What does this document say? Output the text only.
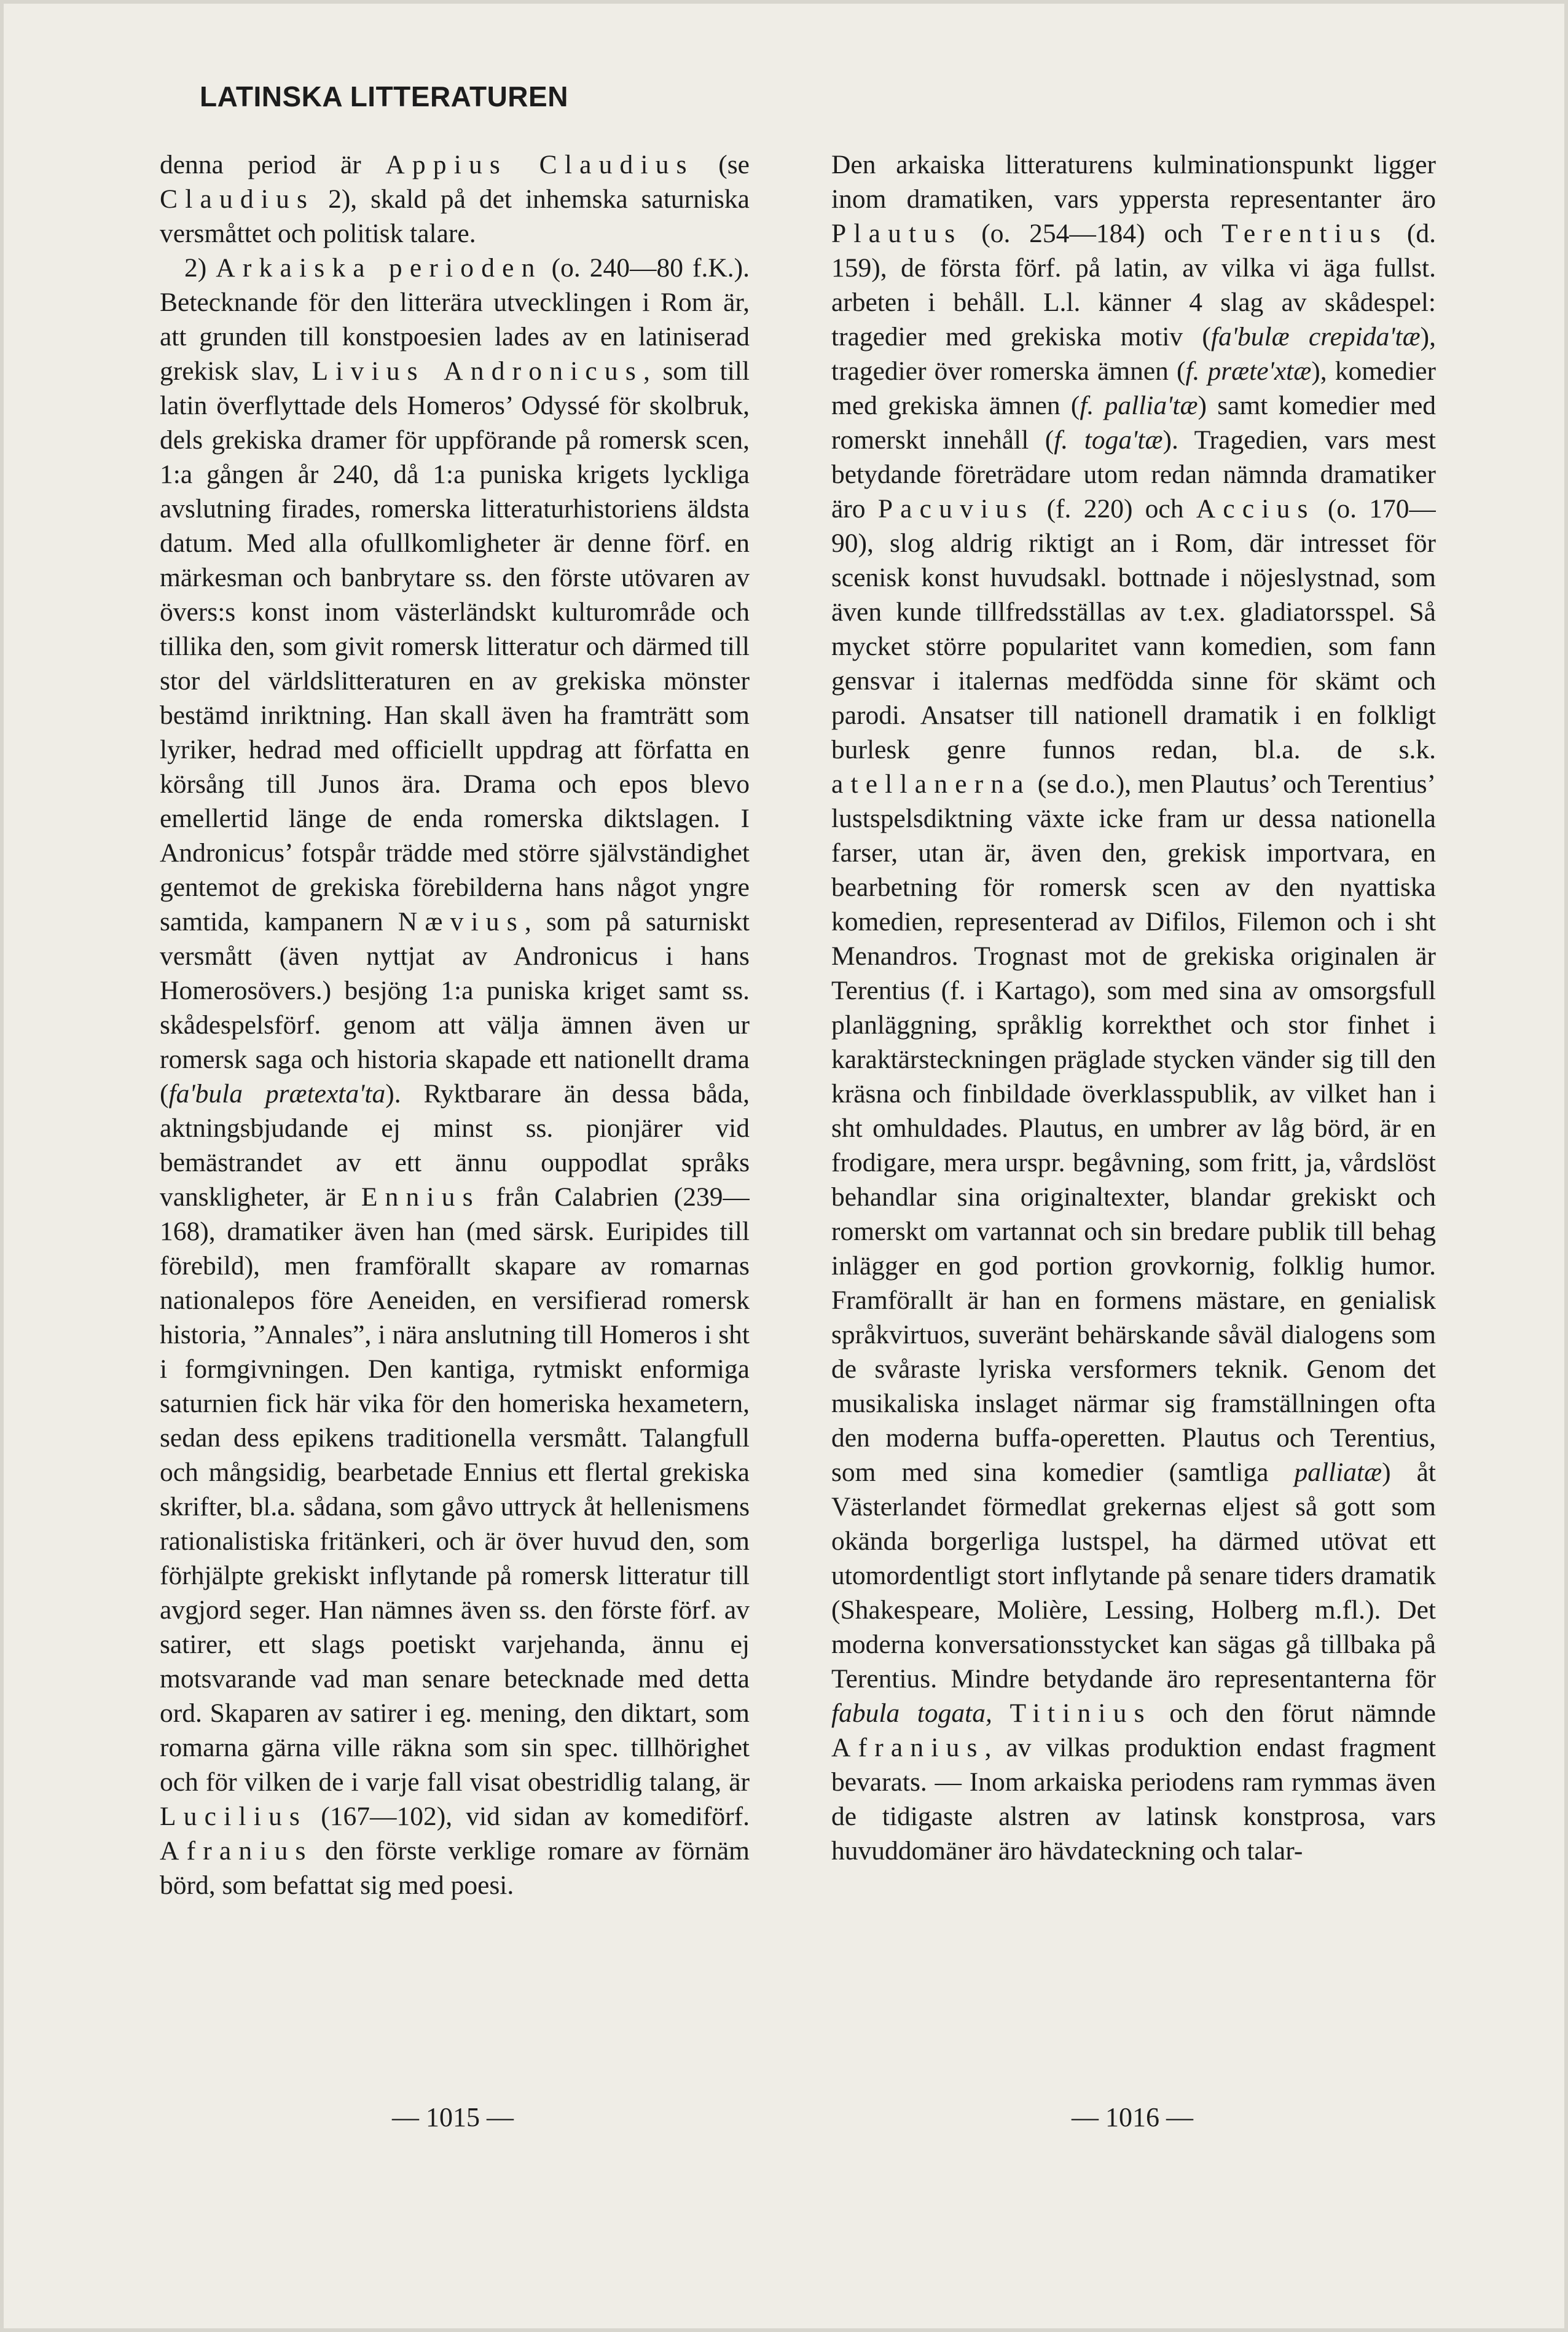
LATINSKA LITTERATUREN

denna period är Appius Claudius (se Claudius 2), skald på det inhemska saturniska versmåttet och politisk talare.

2) Arkaiska perioden (o. 240—80 f.K.). Betecknande för den litterära utvecklingen i Rom är, att grunden till konstpoesien lades av en latiniserad grekisk slav, Livius Andronicus, som till latin överflyttade dels Homeros’ Odyssé för skolbruk, dels grekiska dramer för uppförande på romersk scen, 1:a gången år 240, då 1:a puniska krigets lyckliga avslutning firades, romerska litteraturhistoriens äldsta datum. Med alla ofullkomligheter är denne förf. en märkesman och banbrytare ss. den förste utövaren av övers:s konst inom västerländskt kulturområde och tillika den, som givit romersk litteratur och därmed till stor del världslitteraturen en av grekiska mönster bestämd inriktning. Han skall även ha framträtt som lyriker, hedrad med officiellt uppdrag att författa en körsång till Junos ära. Drama och epos blevo emellertid länge de enda romerska diktslagen. I Andronicus’ fotspår trädde med större självständighet gentemot de grekiska förebilderna hans något yngre samtida, kampanern Nævius, som på saturniskt versmått (även nyttjat av Andronicus i hans Homerosövers.) besjöng 1:a puniska kriget samt ss. skådespelsförf. genom att välja ämnen även ur romersk saga och historia skapade ett nationellt drama (fa'bula prætexta'ta). Ryktbarare än dessa båda, aktningsbjudande ej minst ss. pionjärer vid bemästrandet av ett ännu ouppodlat språks vanskligheter, är Ennius från Calabrien (239—168), dramatiker även han (med särsk. Euripides till förebild), men framförallt skapare av romarnas nationalepos före Aeneiden, en versifierad romersk historia, ”Annales”, i nära anslutning till Homeros i sht i formgivningen. Den kantiga, rytmiskt enformiga saturnien fick här vika för den homeriska hexametern, sedan dess epikens traditionella versmått. Talangfull och mångsidig, bearbetade Ennius ett flertal grekiska skrifter, bl.a. sådana, som gåvo uttryck åt hellenismens rationalistiska fritänkeri, och är över huvud den, som förhjälpte grekiskt inflytande på romersk litteratur till avgjord seger. Han nämnes även ss. den förste förf. av satirer, ett slags poetiskt varjehanda, ännu ej motsvarande vad man senare betecknade med detta ord. Skaparen av satirer i eg. mening, den diktart, som romarna gärna ville räkna som sin spec. tillhörighet och för vilken de i varje fall visat obestridlig talang, är Lucilius (167—102), vid sidan av komediförf. Afranius den förste verklige romare av förnäm börd, som befattat sig med poesi.

Den arkaiska litteraturens kulminationspunkt ligger inom dramatiken, vars yppersta representanter äro Plautus (o. 254—184) och Terentius (d. 159), de första förf. på latin, av vilka vi äga fullst. arbeten i behåll. L.l. känner 4 slag av skådespel: tragedier med grekiska motiv (fa'bulæ crepida'tæ), tragedier över romerska ämnen (f. præte'xtæ), komedier med grekiska ämnen (f. pallia'tæ) samt komedier med romerskt innehåll (f. toga'tæ). Tragedien, vars mest betydande företrädare utom redan nämnda dramatiker äro Pacuvius (f. 220) och Accius (o. 170—90), slog aldrig riktigt an i Rom, där intresset för scenisk konst huvudsakl. bottnade i nöjeslystnad, som även kunde tillfredsställas av t.ex. gladiatorsspel. Så mycket större popularitet vann komedien, som fann gensvar i italernas medfödda sinne för skämt och parodi. Ansatser till nationell dramatik i en folkligt burlesk genre funnos redan, bl.a. de s.k. atellanerna (se d.o.), men Plautus’ och Terentius’ lustspelsdiktning växte icke fram ur dessa nationella farser, utan är, även den, grekisk importvara, en bearbetning för romersk scen av den nyattiska komedien, representerad av Difilos, Filemon och i sht Menandros. Trognast mot de grekiska originalen är Terentius (f. i Kartago), som med sina av omsorgsfull planläggning, språklig korrekthet och stor finhet i karaktärsteckningen präglade stycken vänder sig till den kräsna och finbildade överklasspublik, av vilket han i sht omhuldades. Plautus, en umbrer av låg börd, är en frodigare, mera urspr. begåvning, som fritt, ja, vårdslöst behandlar sina originaltexter, blandar grekiskt och romerskt om vartannat och sin bredare publik till behag inlägger en god portion grovkornig, folklig humor. Framförallt är han en formens mästare, en genialisk språkvirtuos, suveränt behärskande såväl dialogens som de svåraste lyriska versformers teknik. Genom det musikaliska inslaget närmar sig framställningen ofta den moderna buffa-operetten. Plautus och Terentius, som med sina komedier (samtliga palliatæ) åt Västerlandet förmedlat grekernas eljest så gott som okända borgerliga lustspel, ha därmed utövat ett utomordentligt stort inflytande på senare tiders dramatik (Shakespeare, Molière, Lessing, Holberg m.fl.). Det moderna konversationsstycket kan sägas gå tillbaka på Terentius. Mindre betydande äro representanterna för fabula togata, Titinius och den förut nämnde Afranius, av vilkas produktion endast fragment bevarats. — Inom arkaiska periodens ram rymmas även de tidigaste alstren av latinsk konstprosa, vars huvuddomäner äro hävdateckning och talar-

— 1015 —	— 1016 —
